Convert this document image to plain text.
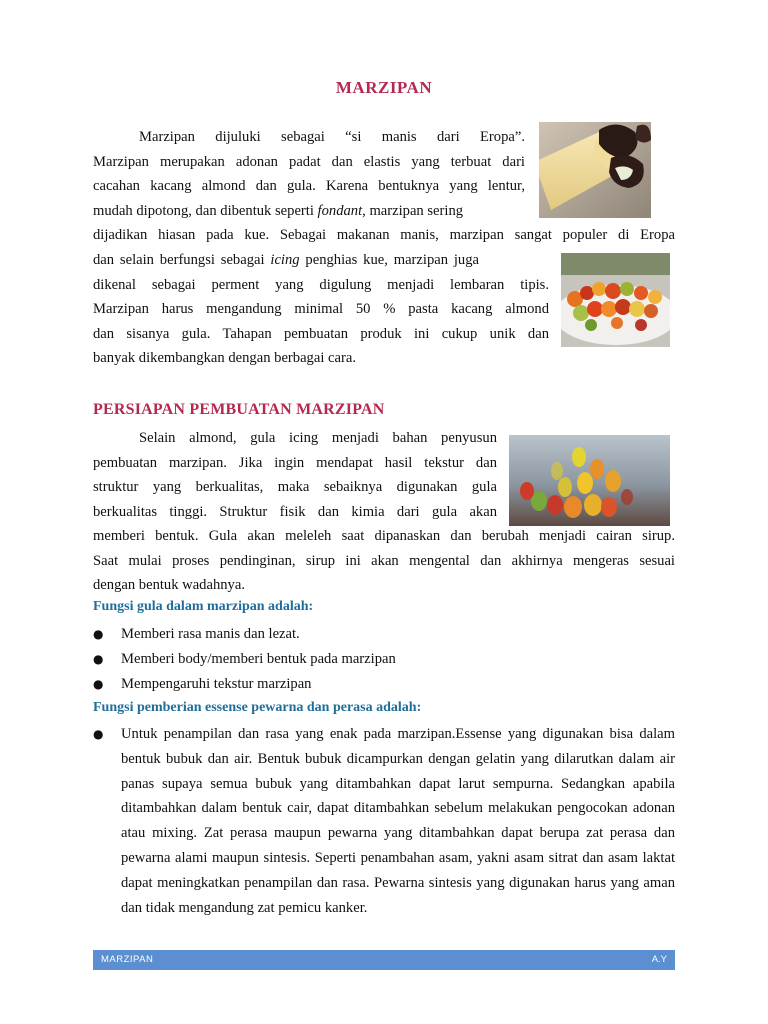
MARZIPAN
Marzipan dijuluki sebagai “si manis dari Eropa”.
Marzipan merupakan adonan padat dan elastis yang terbuat dari
cacahan kacang almond dan gula. Karena bentuknya yang lentur,
mudah dipotong, dan dibentuk seperti fondant, marzipan sering
dijadikan hiasan pada kue. Sebagai makanan manis, marzipan sangat populer di Eropa
dan selain berfungsi sebagai icing penghias kue, marzipan juga
dikenal sebagai perment yang digulung menjadi lembaran tipis.
Marzipan harus mengandung minimal 50 % pasta kacang almond
dan sisanya gula. Tahapan pembuatan produk ini cukup unik dan
banyak dikembangkan dengan berbagai cara.
PERSIAPAN PEMBUATAN MARZIPAN
Selain almond, gula icing menjadi bahan penyusun
pembuatan marzipan. Jika ingin mendapat hasil tekstur dan
struktur yang berkualitas, maka sebaiknya digunakan gula
berkualitas tinggi. Struktur fisik dan kimia dari gula akan
memberi bentuk. Gula akan meleleh saat dipanaskan dan berubah menjadi cairan sirup.
Saat mulai proses pendinginan, sirup ini akan mengental dan akhirnya mengeras sesuai
dengan bentuk wadahnya.
Fungsi gula dalam marzipan adalah:
● Memberi rasa manis dan lezat.
● Memberi body/memberi bentuk pada marzipan
● Mempengaruhi tekstur marzipan
Fungsi pemberian essense pewarna dan perasa adalah:
● Untuk penampilan dan rasa yang enak pada marzipan.Essense yang digunakan bisa dalam bentuk bubuk dan air. Bentuk bubuk dicampurkan dengan gelatin yang dilarutkan dalam air panas supaya semua bubuk yang ditambahkan dapat larut sempurna. Sedangkan apabila ditambahkan dalam bentuk cair, dapat ditambahkan sebelum melakukan pengocokan adonan atau mixing. Zat perasa maupun pewarna yang ditambahkan dapat berupa zat perasa dan pewarna alami maupun sintesis. Seperti penambahan asam, yakni asam sitrat dan asam laktat dapat meningkatkan penampilan dan rasa. Pewarna sintesis yang digunakan harus yang aman dan tidak mengandung zat pemicu kanker.
MARZIPAN	A.Y
